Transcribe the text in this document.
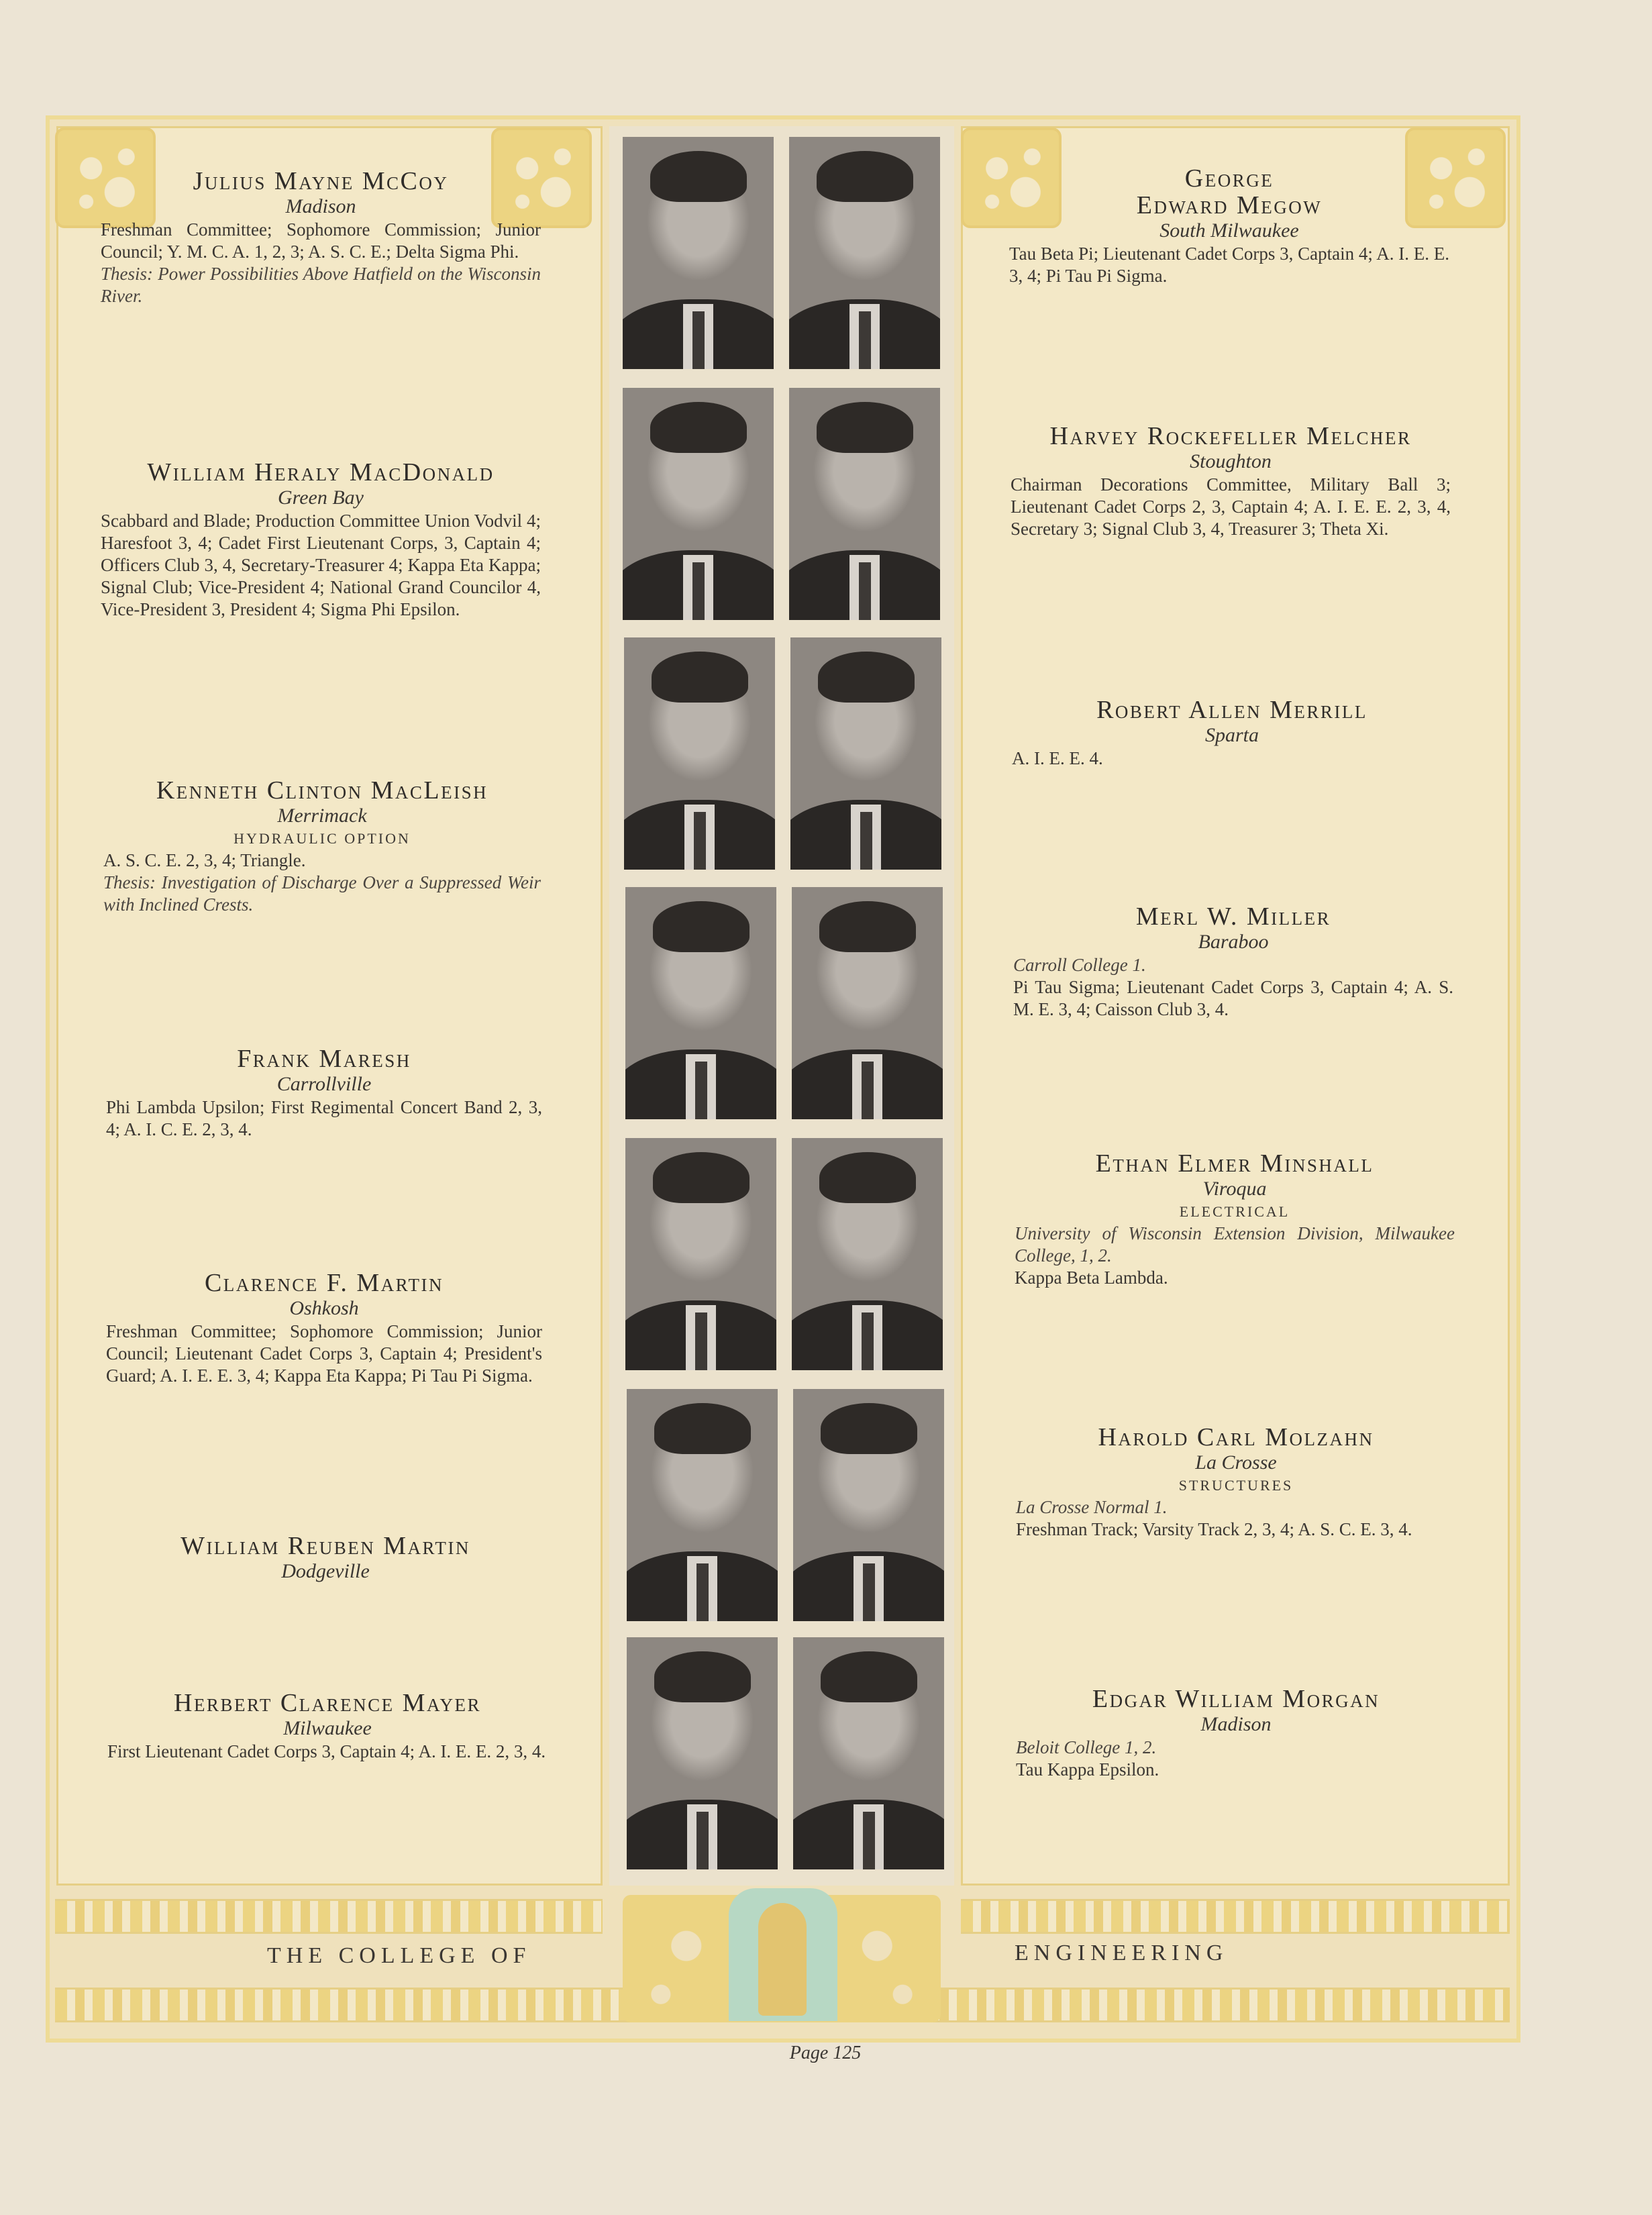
Julius Mayne McCoy

Madison

Freshman Committee; Sophomore Commission; Junior Council; Y. M. C. A. 1, 2, 3; A. S. C. E.; Delta Sigma Phi.

Thesis: Power Possibilities Above Hatfield on the Wisconsin River.

William Heraly MacDonald

Green Bay

Scabbard and Blade; Production Committee Union Vodvil 4; Haresfoot 3, 4; Cadet First Lieutenant Corps, 3, Captain 4; Officers Club 3, 4, Secretary-Treasurer 4; Kappa Eta Kappa; Signal Club; Vice-President 4; National Grand Councilor 4, Vice-President 3, President 4; Sigma Phi Epsilon.

Kenneth Clinton MacLeish

Merrimack

HYDRAULIC OPTION

A. S. C. E. 2, 3, 4; Triangle.

Thesis: Investigation of Discharge Over a Suppressed Weir with Inclined Crests.

Frank Maresh

Carrollville

Phi Lambda Upsilon; First Regimental Concert Band 2, 3, 4; A. I. C. E. 2, 3, 4.

Clarence F. Martin

Oshkosh

Freshman Committee; Sophomore Commission; Junior Council; Lieutenant Cadet Corps 3, Captain 4; President's Guard; A. I. E. E. 3, 4; Kappa Eta Kappa; Pi Tau Pi Sigma.

William Reuben Martin

Dodgeville

Herbert Clarence Mayer

Milwaukee

First Lieutenant Cadet Corps 3, Captain 4; A. I. E. E. 2, 3, 4.

George

Edward Megow

South Milwaukee

Tau Beta Pi; Lieutenant Cadet Corps 3, Captain 4; A. I. E. E. 3, 4; Pi Tau Pi Sigma.

Harvey Rockefeller Melcher

Stoughton

Chairman Decorations Committee, Military Ball 3; Lieutenant Cadet Corps 2, 3, Captain 4; A. I. E. E. 2, 3, 4, Secretary 3; Signal Club 3, 4, Treasurer 3; Theta Xi.

Robert Allen Merrill

Sparta

A. I. E. E. 4.

Merl W. Miller

Baraboo

Carroll College 1.

Pi Tau Sigma; Lieutenant Cadet Corps 3, Captain 4; A. S. M. E. 3, 4; Caisson Club 3, 4.

Ethan Elmer Minshall

Viroqua

ELECTRICAL

University of Wisconsin Extension Division, Milwaukee College, 1, 2.

Kappa Beta Lambda.

Harold Carl Molzahn

La Crosse

STRUCTURES

La Crosse Normal 1.

Freshman Track; Varsity Track 2, 3, 4; A. S. C. E. 3, 4.

Edgar William Morgan

Madison

Beloit College 1, 2.

Tau Kappa Epsilon.

THE COLLEGE OF	ENGINEERING
Page 125
